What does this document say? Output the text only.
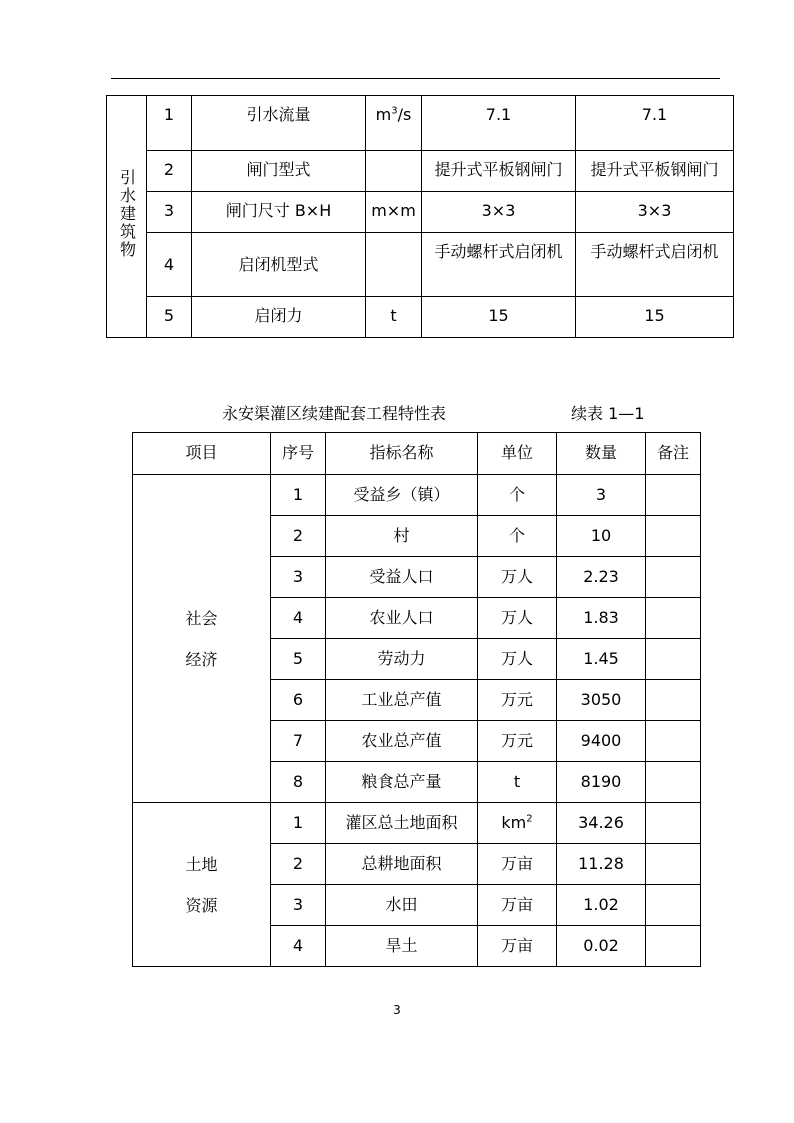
引水建筑物	1	引水流量	$m^3/s$	7.1	7.1
	2	闸门型式		提升式平板钢闸门	提升式平板钢闸门
	3	闸门尺寸 B×H	m×m	3×3	3×3
	4	启闭机型式		手动螺杆式启闭机	手动螺杆式启闭机
	5	启闭力	t	15	15
永安渠灌区续建配套工程特性表	续表 1—1
项目	序号	指标名称	单位	数量	备注

社会
经济	1	受益乡（镇）	个	3	
	2	村	个	10	
	3	受益人口	万人	2.23	
	4	农业人口	万人	1.83	
	5	劳动力	万人	1.45	
	6	工业总产值	万元	3050	
	7	农业总产值	万元	9400	
	8	粮食总产量	t	8190	

土地
资源	1	灌区总土地面积	$km^2$	34.26	
	2	总耕地面积	万亩	11.28	
	3	水田	万亩	1.02	
	4	旱土	万亩	0.02	
3
